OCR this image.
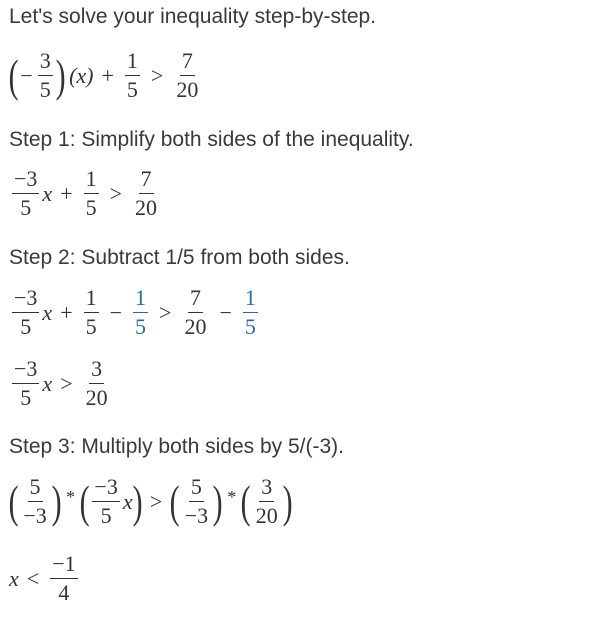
Let's solve your inequality step-by-step.
( − $\frac{3}{5}$ ) $(x) + \frac{1}{5} > \frac{7}{20}$
Step 1: Simplify both sides of the inequality.
$\frac{-3}{5}$ $x + \frac{1}{5} > \frac{7}{20}$
Step 2: Subtract 1/5 from both sides.
$\frac{-3}{5}$ $x + \frac{1}{5} - \frac{1}{5} > \frac{7}{20} - \frac{1}{5}$
$\frac{-3}{5}$ $x > \frac{3}{20}$
Step 3: Multiply both sides by 5/(-3).
( $\frac{5}{-3}$ ) * ( $\frac{-3}{5}$ x ) > ( $\frac{5}{-3}$ ) * ( $\frac{3}{20}$ )
$x < \frac{-1}{4}$
